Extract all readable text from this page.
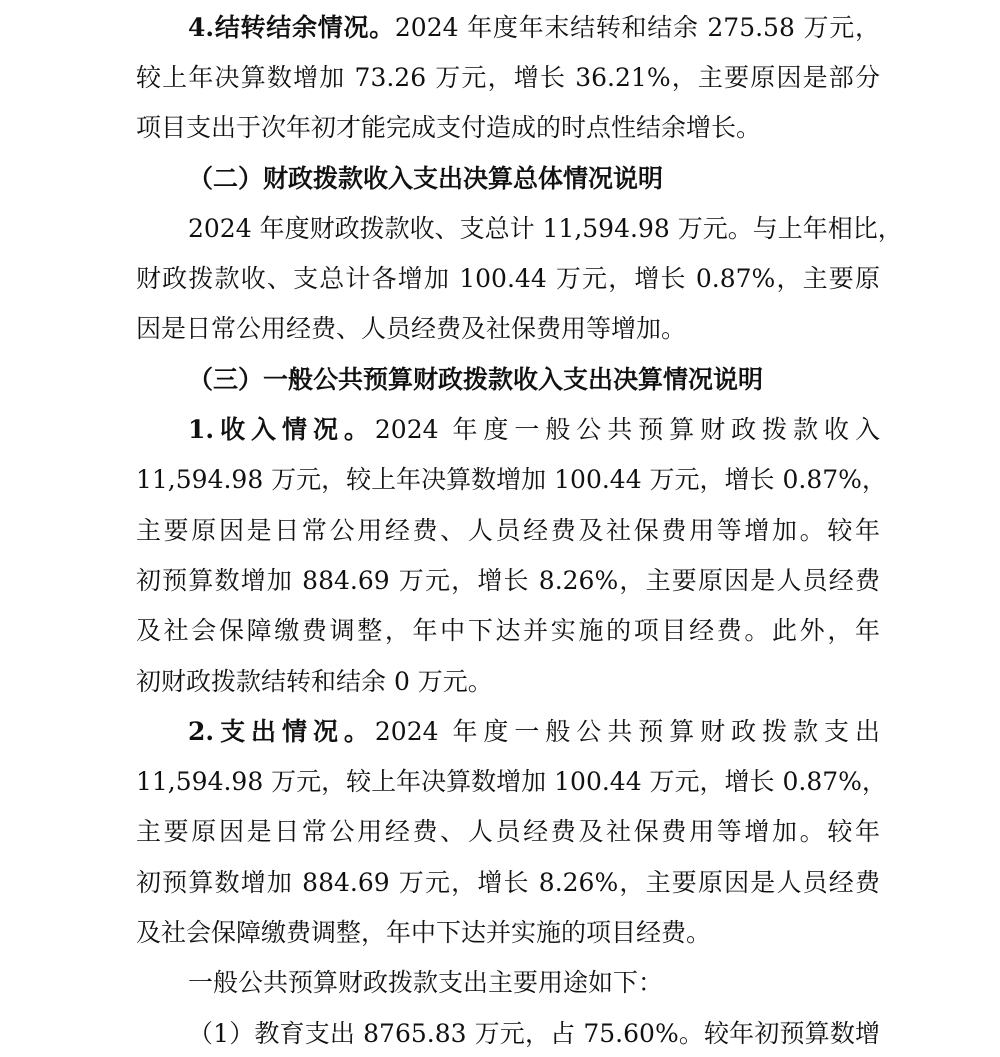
4.结转结余情况。2024 年度年末结转和结余 275.58 万元，
较上年决算数增加 73.26 万元，增长 36.21%，主要原因是部分
项目支出于次年初才能完成支付造成的时点性结余增长。
（二）财政拨款收入支出决算总体情况说明
2024 年度财政拨款收、支总计 11,594.98 万元。与上年相比，
财政拨款收、支总计各增加 100.44 万元，增长 0.87%，主要原
因是日常公用经费、人员经费及社保费用等增加。
（三）一般公共预算财政拨款收入支出决算情况说明
1.收入情况。2024 年度一般公共预算财政拨款收入
11,594.98 万元，较上年决算数增加 100.44 万元，增长 0.87%，
主要原因是日常公用经费、人员经费及社保费用等增加。较年
初预算数增加 884.69 万元，增长 8.26%，主要原因是人员经费
及社会保障缴费调整，年中下达并实施的项目经费。此外，年
初财政拨款结转和结余 0 万元。
2.支出情况。2024 年度一般公共预算财政拨款支出
11,594.98 万元，较上年决算数增加 100.44 万元，增长 0.87%，
主要原因是日常公用经费、人员经费及社保费用等增加。较年
初预算数增加 884.69 万元，增长 8.26%，主要原因是人员经费
及社会保障缴费调整，年中下达并实施的项目经费。
一般公共预算财政拨款支出主要用途如下：
（1）教育支出 8765.83 万元，占 75.60%。较年初预算数增
